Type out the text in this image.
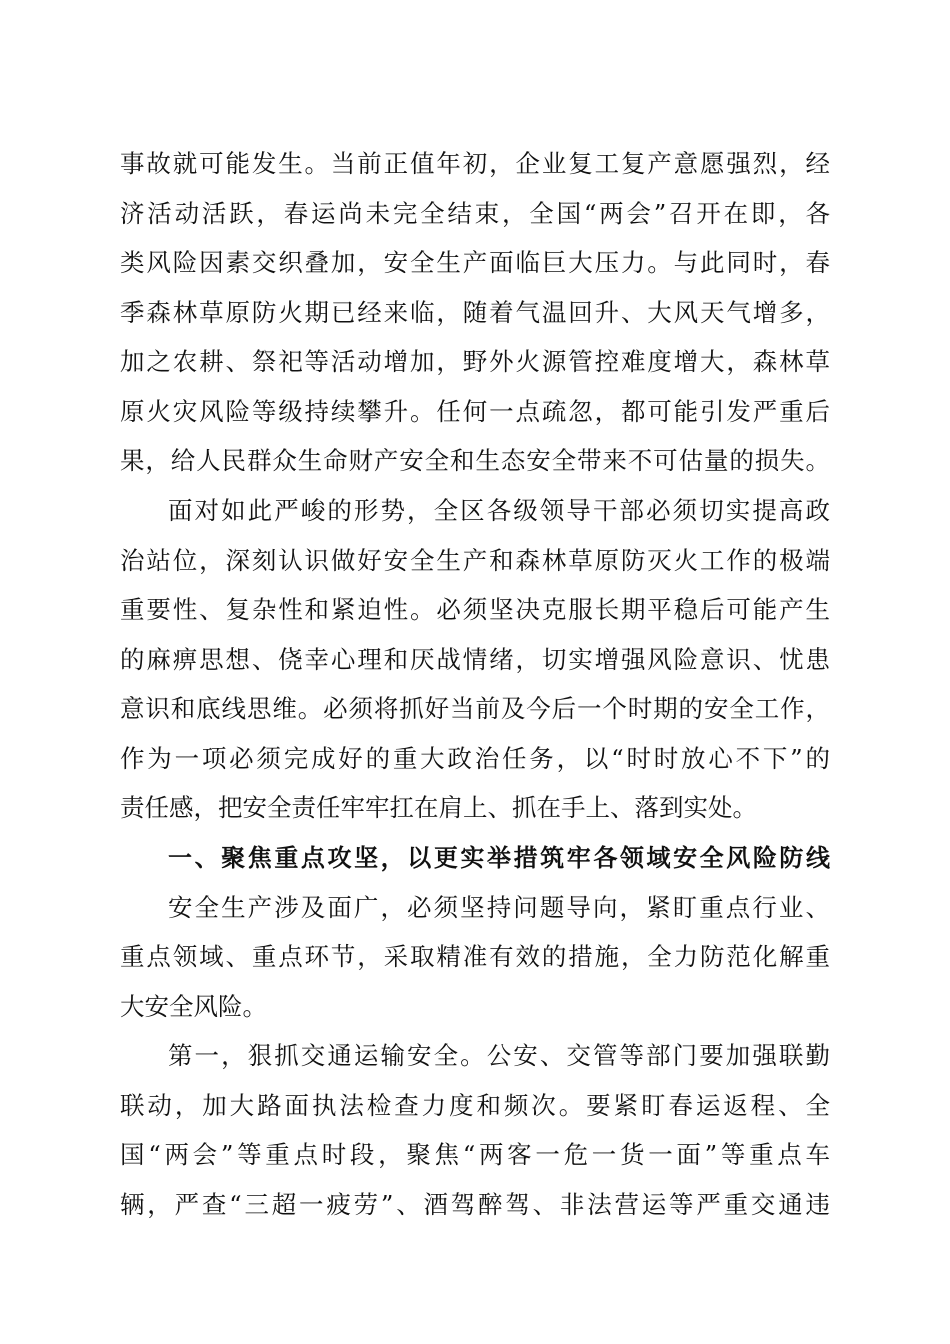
事故就可能发生。当前正值年初，企业复工复产意愿强烈，经
济活动活跃，春运尚未完全结束，全国“两会”召开在即，各
类风险因素交织叠加，安全生产面临巨大压力。与此同时，春
季森林草原防火期已经来临，随着气温回升、大风天气增多，
加之农耕、祭祀等活动增加，野外火源管控难度增大，森林草
原火灾风险等级持续攀升。任何一点疏忽，都可能引发严重后
果，给人民群众生命财产安全和生态安全带来不可估量的损失。
面对如此严峻的形势，全区各级领导干部必须切实提高政
治站位，深刻认识做好安全生产和森林草原防灭火工作的极端
重要性、复杂性和紧迫性。必须坚决克服长期平稳后可能产生
的麻痹思想、侥幸心理和厌战情绪，切实增强风险意识、忧患
意识和底线思维。必须将抓好当前及今后一个时期的安全工作，
作为一项必须完成好的重大政治任务，以“时时放心不下”的
责任感，把安全责任牢牢扛在肩上、抓在手上、落到实处。
一、聚焦重点攻坚，以更实举措筑牢各领域安全风险防线
安全生产涉及面广，必须坚持问题导向，紧盯重点行业、
重点领域、重点环节，采取精准有效的措施，全力防范化解重
大安全风险。
第一，狠抓交通运输安全。公安、交管等部门要加强联勤
联动，加大路面执法检查力度和频次。要紧盯春运返程、全
国“两会”等重点时段，聚焦“两客一危一货一面”等重点车
辆，严查“三超一疲劳”、酒驾醉驾、非法营运等严重交通违
